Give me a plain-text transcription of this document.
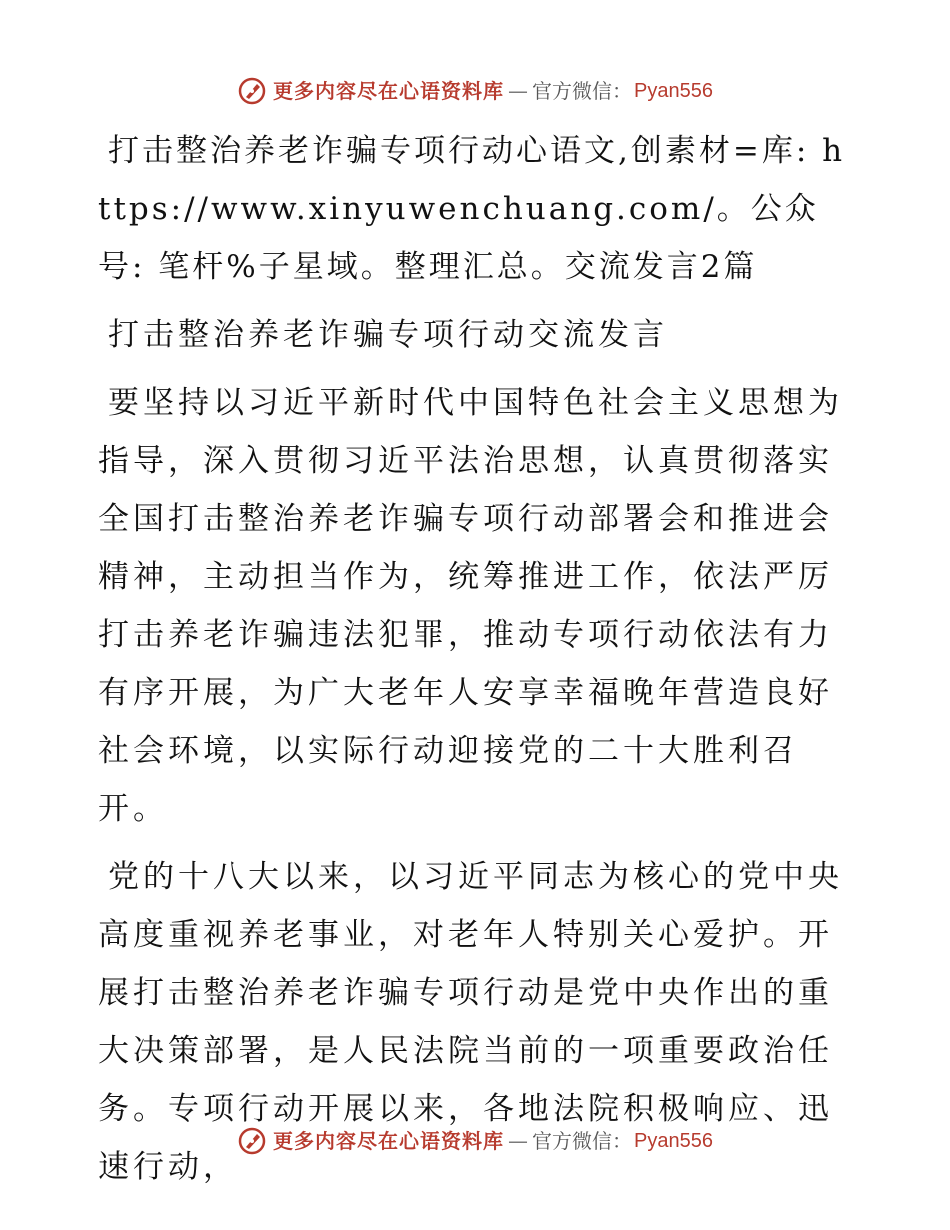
更多内容尽在心语资料库 — 官方微信： Pyan556

打击整治养老诈骗专项行动心语文,创素材=库: https://www.xinyuwenchuang.com/。公众号: 笔杆%子星域。整理汇总。交流发言2篇

打击整治养老诈骗专项行动交流发言

要坚持以习近平新时代中国特色社会主义思想为指导，深入贯彻习近平法治思想，认真贯彻落实全国打击整治养老诈骗专项行动部署会和推进会精神，主动担当作为，统筹推进工作，依法严厉打击养老诈骗违法犯罪，推动专项行动依法有力有序开展，为广大老年人安享幸福晚年营造良好社会环境，以实际行动迎接党的二十大胜利召开。

党的十八大以来，以习近平同志为核心的党中央高度重视养老事业，对老年人特别关心爱护。开展打击整治养老诈骗专项行动是党中央作出的重大决策部署，是人民法院当前的一项重要政治任务。专项行动开展以来，各地法院积极响应、迅速行动，

更多内容尽在心语资料库 — 官方微信： Pyan556
